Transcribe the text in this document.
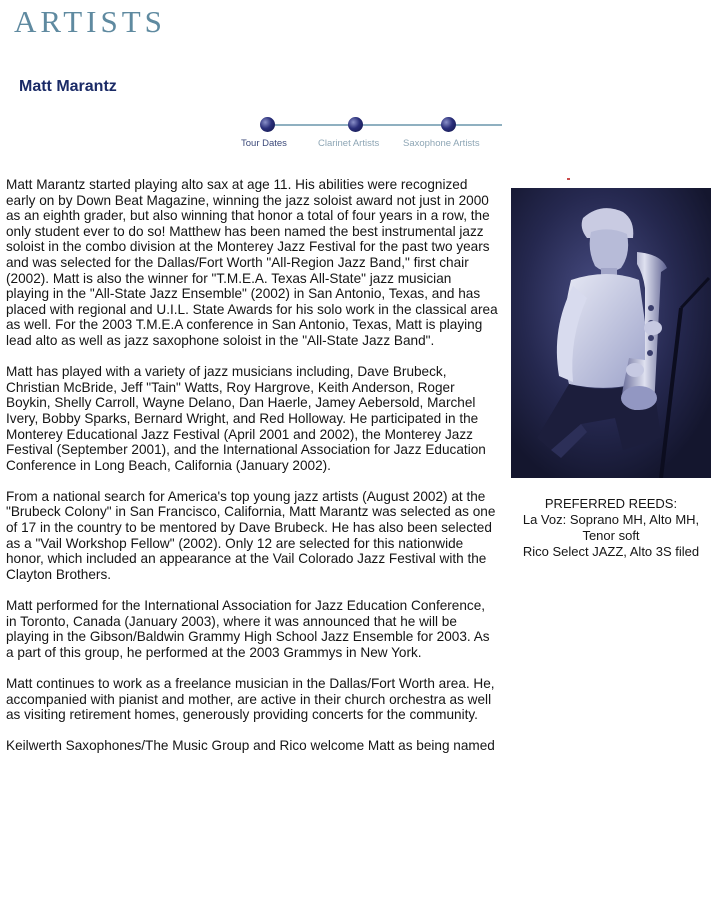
ARTISTS
Matt Marantz
Tour Dates	Clarinet Artists	Saxophone Artists

Matt Marantz started playing alto sax at age 11. His abilities were recognized early on by Down Beat Magazine, winning the jazz soloist award not just in 2000 as an eighth grader, but also winning that honor a total of four years in a row, the only student ever to do so! Matthew has been named the best instrumental jazz soloist in the combo division at the Monterey Jazz Festival for the past two years and was selected for the Dallas/Fort Worth "All-Region Jazz Band," first chair (2002). Matt is also the winner for "T.M.E.A. Texas All-State" jazz musician playing in the "All-State Jazz Ensemble" (2002) in San Antonio, Texas, and has placed with regional and U.I.L. State Awards for his solo work in the classical area as well. For the 2003 T.M.E.A conference in San Antonio, Texas, Matt is playing lead alto as well as jazz saxophone soloist in the "All-State Jazz Band".

Matt has played with a variety of jazz musicians including, Dave Brubeck, Christian McBride, Jeff "Tain" Watts, Roy Hargrove, Keith Anderson, Roger Boykin, Shelly Carroll, Wayne Delano, Dan Haerle, Jamey Aebersold, Marchel Ivery, Bobby Sparks, Bernard Wright, and Red Holloway. He participated in the Monterey Educational Jazz Festival (April 2001 and 2002), the Monterey Jazz Festival (September 2001), and the International Association for Jazz Education Conference in Long Beach, California (January 2002).

From a national search for America's top young jazz artists (August 2002) at the "Brubeck Colony" in San Francisco, California, Matt Marantz was selected as one of 17 in the country to be mentored by Dave Brubeck. He has also been selected as a "Vail Workshop Fellow" (2002). Only 12 are selected for this nationwide honor, which included an appearance at the Vail Colorado Jazz Festival with the Clayton Brothers.

Matt performed for the International Association for Jazz Education Conference, in Toronto, Canada (January 2003), where it was announced that he will be playing in the Gibson/Baldwin Grammy High School Jazz Ensemble for 2003. As a part of this group, he performed at the 2003 Grammys in New York.

Matt continues to work as a freelance musician in the Dallas/Fort Worth area. He, accompanied with pianist and mother, are active in their church orchestra as well as visiting retirement homes, generously providing concerts for the community.

Keilwerth Saxophones/The Music Group and Rico welcome Matt as being named

PREFERRED REEDS:
La Voz: Soprano MH, Alto MH,
Tenor soft
Rico Select JAZZ, Alto 3S filed
